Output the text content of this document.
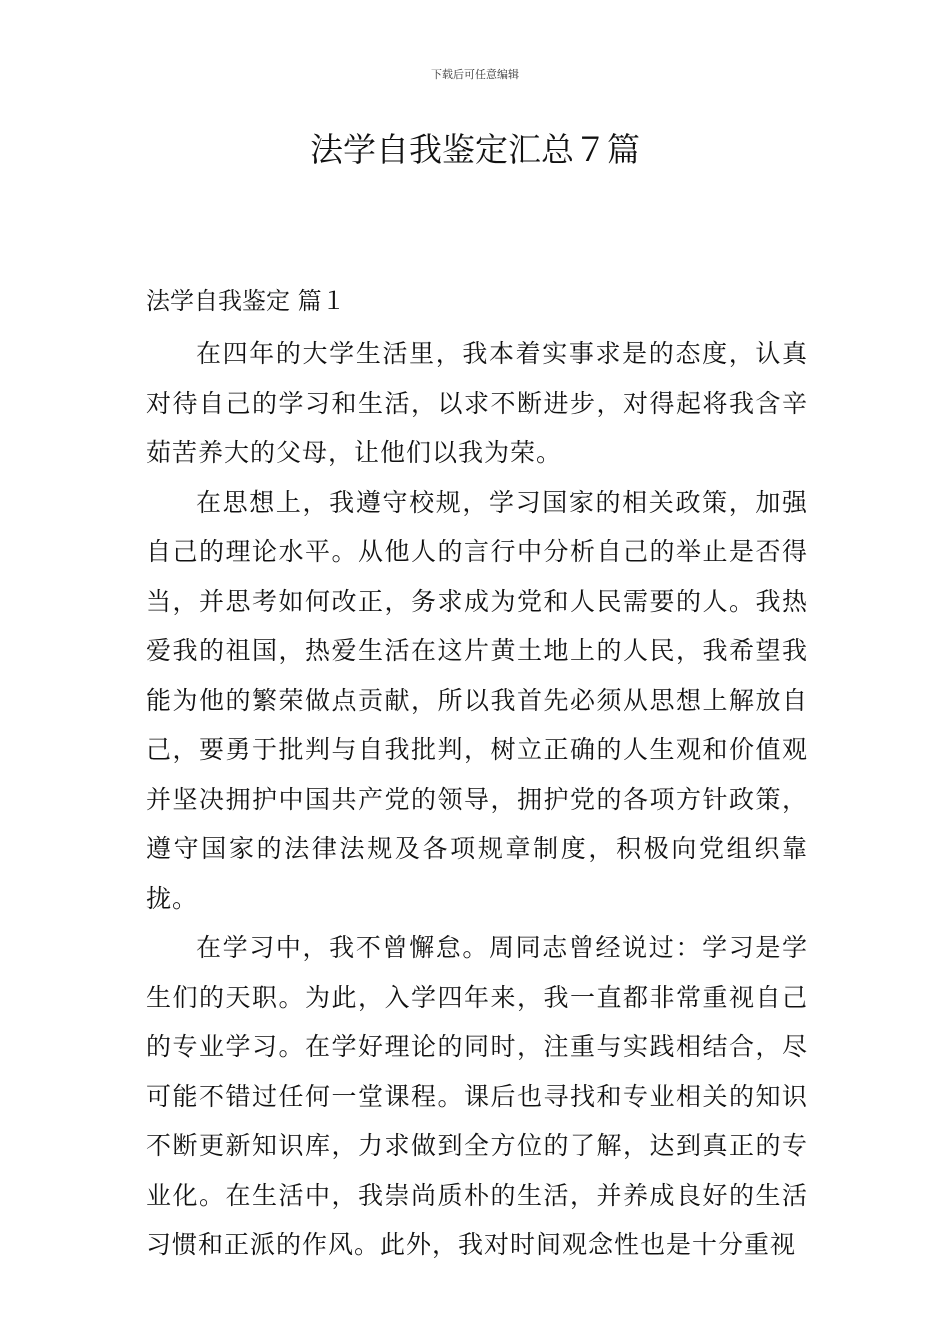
下载后可任意编辑
法学自我鉴定汇总７篇
法学自我鉴定 篇１

在四年的大学生活里，我本着实事求是的态度，认真对待自己的学习和生活，以求不断进步，对得起将我含辛茹苦养大的父母，让他们以我为荣。

在思想上，我遵守校规，学习国家的相关政策，加强自己的理论水平。从他人的言行中分析自己的举止是否得当，并思考如何改正，务求成为党和人民需要的人。我热爱我的祖国，热爱生活在这片黄土地上的人民，我希望我能为他的繁荣做点贡献，所以我首先必须从思想上解放自己，要勇于批判与自我批判，树立正确的人生观和价值观并坚决拥护中国共产党的领导，拥护党的各项方针政策，遵守国家的法律法规及各项规章制度，积极向党组织靠拢。

在学习中，我不曾懈怠。周同志曾经说过：学习是学生们的天职。为此，入学四年来，我一直都非常重视自己的专业学习。在学好理论的同时，注重与实践相结合，尽可能不错过任何一堂课程。课后也寻找和专业相关的知识不断更新知识库，力求做到全方位的了解，达到真正的专业化。在生活中，我崇尚质朴的生活，并养成良好的生活习惯和正派的作风。此外，我对时间观念性也是十分重视
